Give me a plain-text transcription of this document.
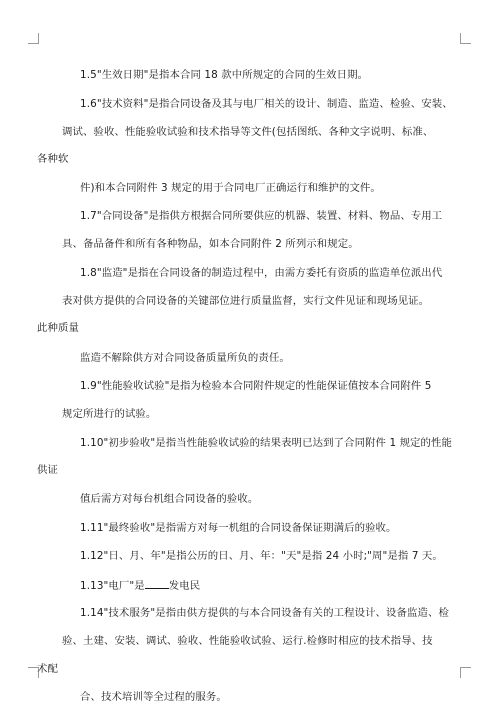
1.5"生效日期"是指本合同 18 款中所规定的合同的生效日期。
1.6"技术资料"是指合同设备及其与电厂相关的设计、制造、监造、检验、安装、
调试、验收、性能验收试验和技术指导等文件(包括图纸、各种文字说明、标准、
各种软
件)和本合同附件 3 规定的用于合同电厂正确运行和维护的文件。
1.7"合同设备"是指供方根据合同所要供应的机器、装置、材料、物品、专用工
具、备品备件和所有各种物品，如本合同附件 2 所列示和规定。
1.8"监造"是指在合同设备的制造过程中，由需方委托有资质的监造单位派出代
表对供方提供的合同设备的关键部位进行质量监督，实行文件见证和现场见证。
此种质量
监造不解除供方对合同设备质量所负的责任。
1.9"性能验收试验"是指为检验本合同附件规定的性能保证值按本合同附件 5
规定所进行的试验。
1.10"初步验收"是指当性能验收试验的结果表明已达到了合同附件 1 规定的性能
供证
值后需方对每台机组合同设备的验收。
1.11"最终验收"是指需方对每一机组的合同设备保证期满后的验收。
1.12"日、月、年"是指公历的日、月、年："天"是指 24 小时;"周"是指 7 天。
1.13"电厂"是 发电民
1.14"技术服务"是指由供方提供的与本合同设备有关的工程设计、设备监造、检
验、土建、安装、调试、验收、性能验收试验、运行.检修时相应的技术指导、技
术配
合、技术培训等全过程的服务。
